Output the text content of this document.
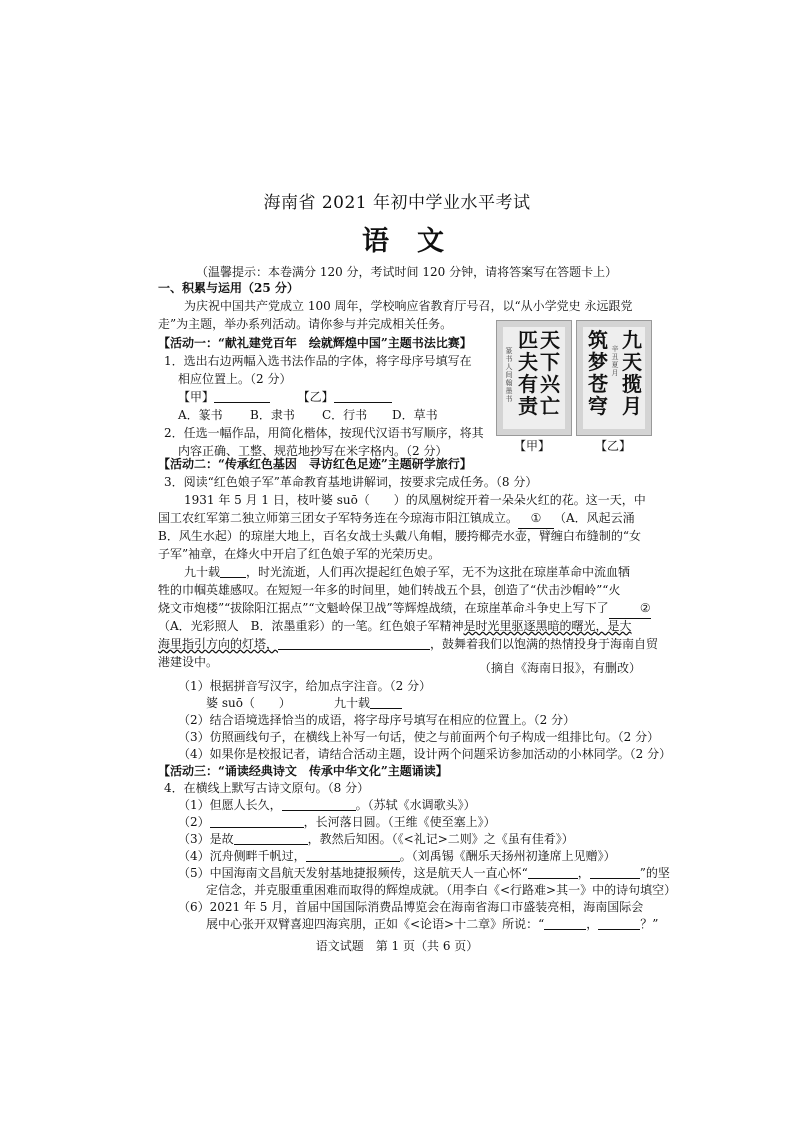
海南省 2021 年初中学业水平考试
语文
（温馨提示：本卷满分 120 分，考试时间 120 分钟，请将答案写在答题卡上）
一、积累与运用（25 分）
为庆祝中国共产党成立 100 周年，学校响应省教育厅号召，以“从小学党史 永远跟党
走”为主题，举办系列活动。请你参与并完成相关任务。
【活动一：“献礼建党百年　绘就辉煌中国”主题书法比赛】
1．选出右边两幅入选书法作品的字体，将字母序号填写在
相应位置上。（2 分）
【甲】	【乙】
A．篆书 B．隶书 C．行书 D．草书
2．任选一幅作品，用简化楷体，按现代汉语书写顺序，将其
内容正确、工整、规范地抄写在米字格内。（2 分）
天下兴亡
匹夫有责
篆书人间翰墨书
九天揽月
筑梦苍穹
辛丑夏月
【甲】	【乙】
【活动二：“传承红色基因　寻访红色足迹”主题研学旅行】
3．阅读“红色娘子军”革命教育基地讲解词，按要求完成任务。（8 分）
1931 年 5 月 1 日，枝叶婆 suō（　　）的凤凰树绽开着一朵朵火红的花。这一天，中
国工农红军第二独立师第三团女子军特务连在今琼海市阳江镇成立。 ① （A．风起云涌
B．风生水起）的琼崖大地上，百名女战士头戴八角帽，腰挎椰壳水壶，臂缠白布缝制的“女
子军”袖章，在烽火中开启了红色娘子军的光荣历史。
九十载 ，时光流逝，人们再次提起红色娘子军，无不为这批在琼崖革命中流血牺
牲的巾帼英雄感叹。在短短一年多的时间里，她们转战五个县，创造了“伏击沙帽岭”“火
烧文市炮楼”“拔除阳江据点”“文魁岭保卫战”等辉煌战绩，在琼崖革命斗争史上写下了	②
（A．光彩照人　B．浓墨重彩）的一笔。红色娘子军精神是时光里驱逐黑暗的曙光，是大
海里指引方向的灯塔，	，鼓舞着我们以饱满的热情投身于海南自贸
港建设中。	（摘自《海南日报》，有删改）
（1）根据拼音写汉字，给加点字注音。（2 分）
婆 suō（　　）	九十载
（2）结合语境选择恰当的成语，将字母序号填写在相应的位置上。（2 分）
（3）仿照画线句子，在横线上补写一句话，使之与前面两个句子构成一组排比句。（2 分）
（4）如果你是校报记者，请结合活动主题，设计两个问题采访参加活动的小林同学。（2 分）
【活动三：“诵读经典诗文　传承中华文化”主题诵读】
4．在横线上默写古诗文原句。（8 分）
（1）但愿人长久，	。（苏轼《水调歌头》）
（2）	，长河落日圆。（王维《使至塞上》）
（3）是故	，教然后知困。（《<礼记>二则》之《虽有佳肴》）
（4）沉舟侧畔千帆过，	。（刘禹锡《酬乐天扬州初逢席上见赠》）
（5）中国海南文昌航天发射基地捷报频传，这是航天人一直心怀“	，	”的坚
定信念，并克服重重困难而取得的辉煌成就。（用李白《<行路难>其一》中的诗句填空）
（6）2021 年 5 月，首届中国国际消费品博览会在海南省海口市盛装亮相，海南国际会
展中心张开双臂喜迎四海宾朋，正如《<论语>十二章》所说：“	，	？”
语文试题　第 1 页（共 6 页）
